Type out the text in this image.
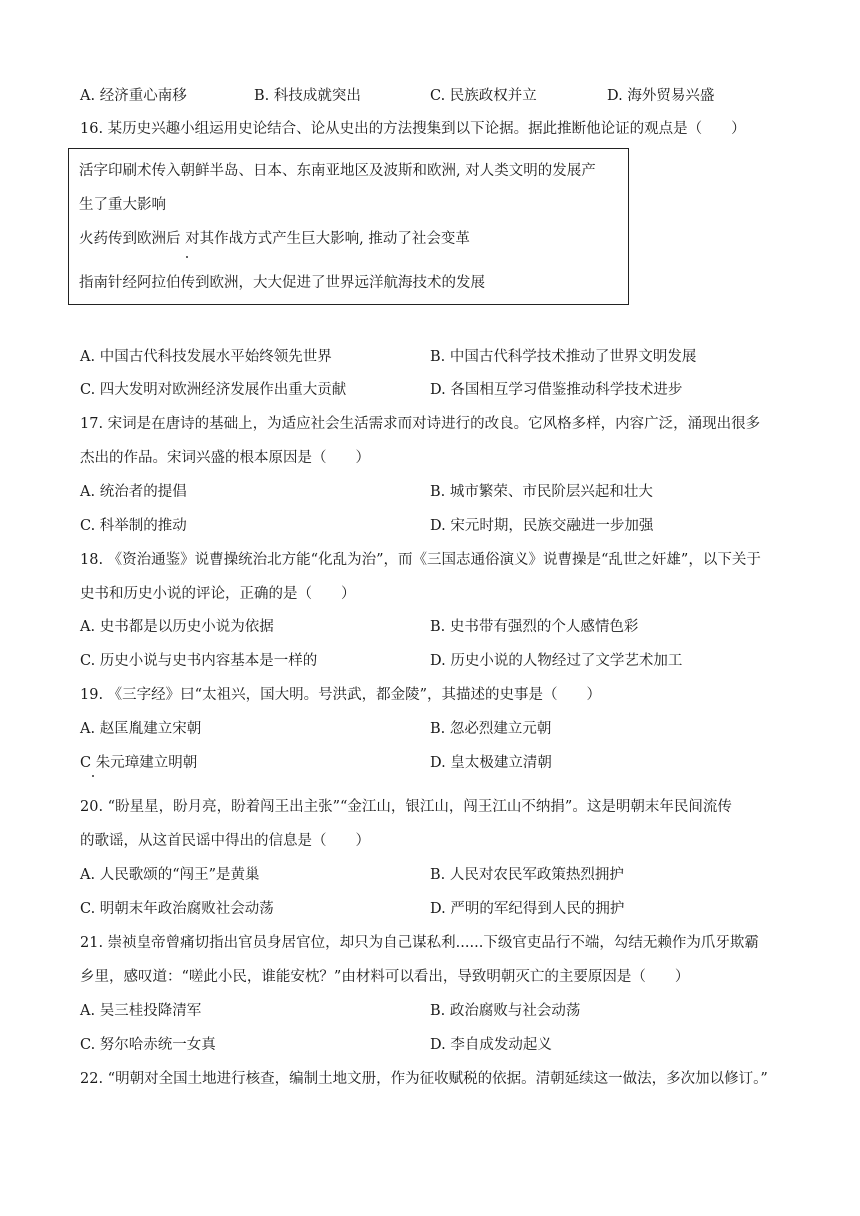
A. 经济重心南移	B. 科技成就突出	C. 民族政权并立	D. 海外贸易兴盛
16. 某历史兴趣小组运用史论结合、论从史出的方法搜集到以下论据。据此推断他论证的观点是（　　）
活字印刷术传入朝鲜半岛、日本、东南亚地区及波斯和欧洲, 对人类文明的发展产
生了重大影响
火药传到欧洲后 对其作战方式产生巨大影响, 推动了社会变革
指南针经阿拉伯传到欧洲，大大促进了世界远洋航海技术的发展
A. 中国古代科技发展水平始终领先世界	B. 中国古代科学技术推动了世界文明发展
C. 四大发明对欧洲经济发展作出重大贡献	D. 各国相互学习借鉴推动科学技术进步
17. 宋词是在唐诗的基础上，为适应社会生活需求而对诗进行的改良。它风格多样，内容广泛，涌现出很多
杰出的作品。宋词兴盛的根本原因是（　　）
A. 统治者的提倡	B. 城市繁荣、市民阶层兴起和壮大
C. 科举制的推动	D. 宋元时期，民族交融进一步加强
18. 《资治通鉴》说曹操统治北方能“化乱为治”，而《三国志通俗演义》说曹操是“乱世之奸雄”，以下关于
史书和历史小说的评论，正确的是（　　）
A. 史书都是以历史小说为依据	B. 史书带有强烈的个人感情色彩
C. 历史小说与史书内容基本是一样的	D. 历史小说的人物经过了文学艺术加工
19. 《三字经》曰“太祖兴，国大明。号洪武，都金陵”，其描述的史事是（　　）
A. 赵匡胤建立宋朝	B. 忽必烈建立元朝
C 朱元璋建立明朝	D. 皇太极建立清朝
20. “盼星星，盼月亮，盼着闯王出主张”“金江山，银江山，闯王江山不纳捐”。这是明朝末年民间流传
的歌谣，从这首民谣中得出的信息是（　　）
A. 人民歌颂的“闯王”是黄巢	B. 人民对农民军政策热烈拥护
C. 明朝末年政治腐败社会动荡	D. 严明的军纪得到人民的拥护
21. 崇祯皇帝曾痛切指出官员身居官位，却只为自己谋私利......下级官吏品行不端，勾结无赖作为爪牙欺霸
乡里，感叹道：“嗟此小民，谁能安枕？”由材料可以看出，导致明朝灭亡的主要原因是（　　）
A. 吴三桂投降清军	B. 政治腐败与社会动荡
C. 努尔哈赤统一女真	D. 李自成发动起义
22. “明朝对全国土地进行核查，编制土地文册，作为征收赋税的依据。清朝延续这一做法，多次加以修订。”
